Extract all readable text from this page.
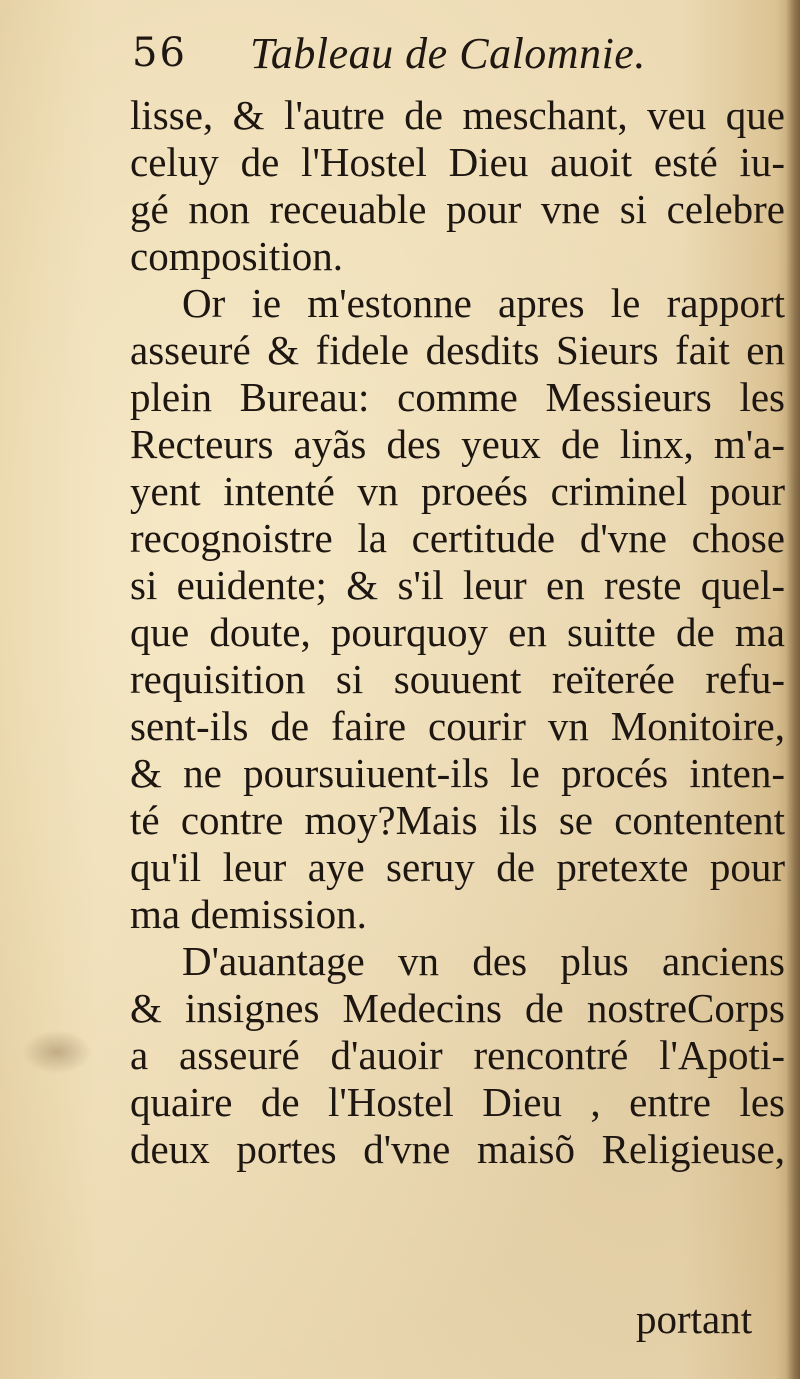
56 Tableau de Calomnie.
lisse, & l'autre de meschant, veu que
celuy de l'Hostel Dieu auoit esté iu-
gé non receuable pour vne si celebre
composition.
Or ie m'estonne apres le rapport
asseuré & fidele desdits Sieurs fait en
plein Bureau: comme Messieurs les
Recteurs ayãs des yeux de linx, m'a-
yent intenté vn proeés criminel pour
recognoistre la certitude d'vne chose
si euidente; & s'il leur en reste quel-
que doute, pourquoy en suitte de ma
requisition si souuent reïterée refu-
sent-ils de faire courir vn Monitoire,
& ne poursuiuent-ils le procés inten-
té contre moy?Mais ils se contentent
qu'il leur aye seruy de pretexte pour
ma demission.
D'auantage vn des plus anciens
& insignes Medecins de nostreCorps
a asseuré d'auoir rencontré l'Apoti-
quaire de l'Hostel Dieu , entre les
deux portes d'vne maisõ Religieuse,
portant
